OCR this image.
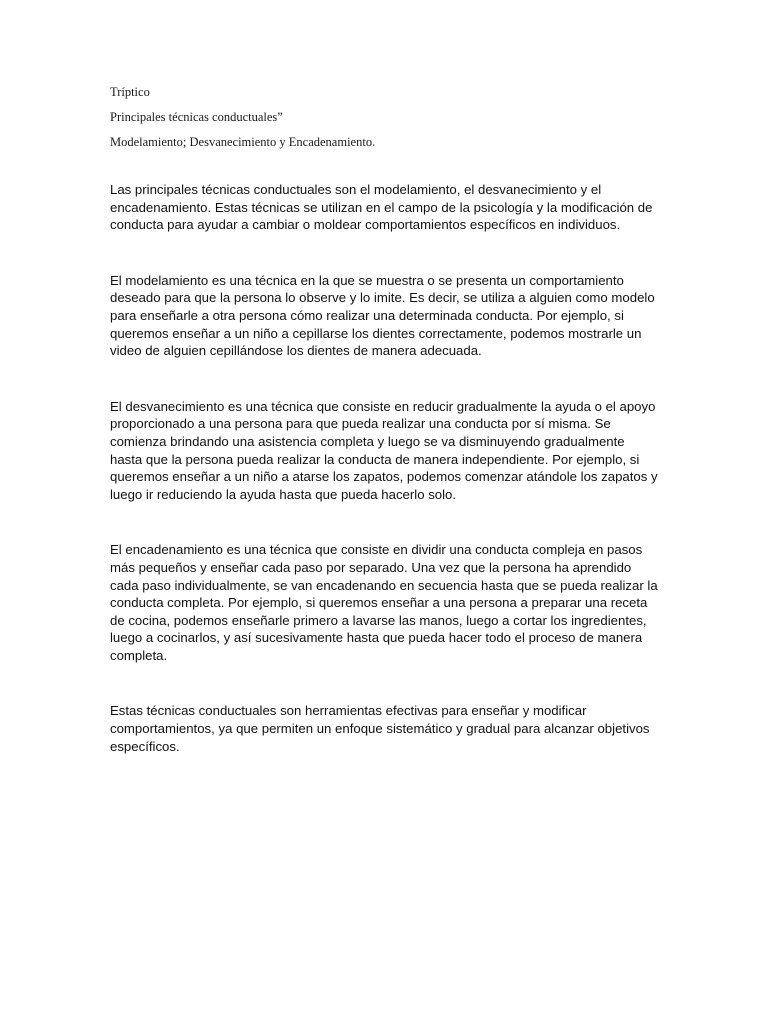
Tríptico

Principales técnicas conductuales”

Modelamiento; Desvanecimiento y Encadenamiento.

Las principales técnicas conductuales son el modelamiento, el desvanecimiento y el encadenamiento. Estas técnicas se utilizan en el campo de la psicología y la modificación de conducta para ayudar a cambiar o moldear comportamientos específicos en individuos.

El modelamiento es una técnica en la que se muestra o se presenta un comportamiento deseado para que la persona lo observe y lo imite. Es decir, se utiliza a alguien como modelo para enseñarle a otra persona cómo realizar una determinada conducta. Por ejemplo, si queremos enseñar a un niño a cepillarse los dientes correctamente, podemos mostrarle un video de alguien cepillándose los dientes de manera adecuada.

El desvanecimiento es una técnica que consiste en reducir gradualmente la ayuda o el apoyo proporcionado a una persona para que pueda realizar una conducta por sí misma. Se comienza brindando una asistencia completa y luego se va disminuyendo gradualmente hasta que la persona pueda realizar la conducta de manera independiente. Por ejemplo, si queremos enseñar a un niño a atarse los zapatos, podemos comenzar atándole los zapatos y luego ir reduciendo la ayuda hasta que pueda hacerlo solo.

El encadenamiento es una técnica que consiste en dividir una conducta compleja en pasos más pequeños y enseñar cada paso por separado. Una vez que la persona ha aprendido cada paso individualmente, se van encadenando en secuencia hasta que se pueda realizar la conducta completa. Por ejemplo, si queremos enseñar a una persona a preparar una receta de cocina, podemos enseñarle primero a lavarse las manos, luego a cortar los ingredientes, luego a cocinarlos, y así sucesivamente hasta que pueda hacer todo el proceso de manera completa.

Estas técnicas conductuales son herramientas efectivas para enseñar y modificar comportamientos, ya que permiten un enfoque sistemático y gradual para alcanzar objetivos específicos.
